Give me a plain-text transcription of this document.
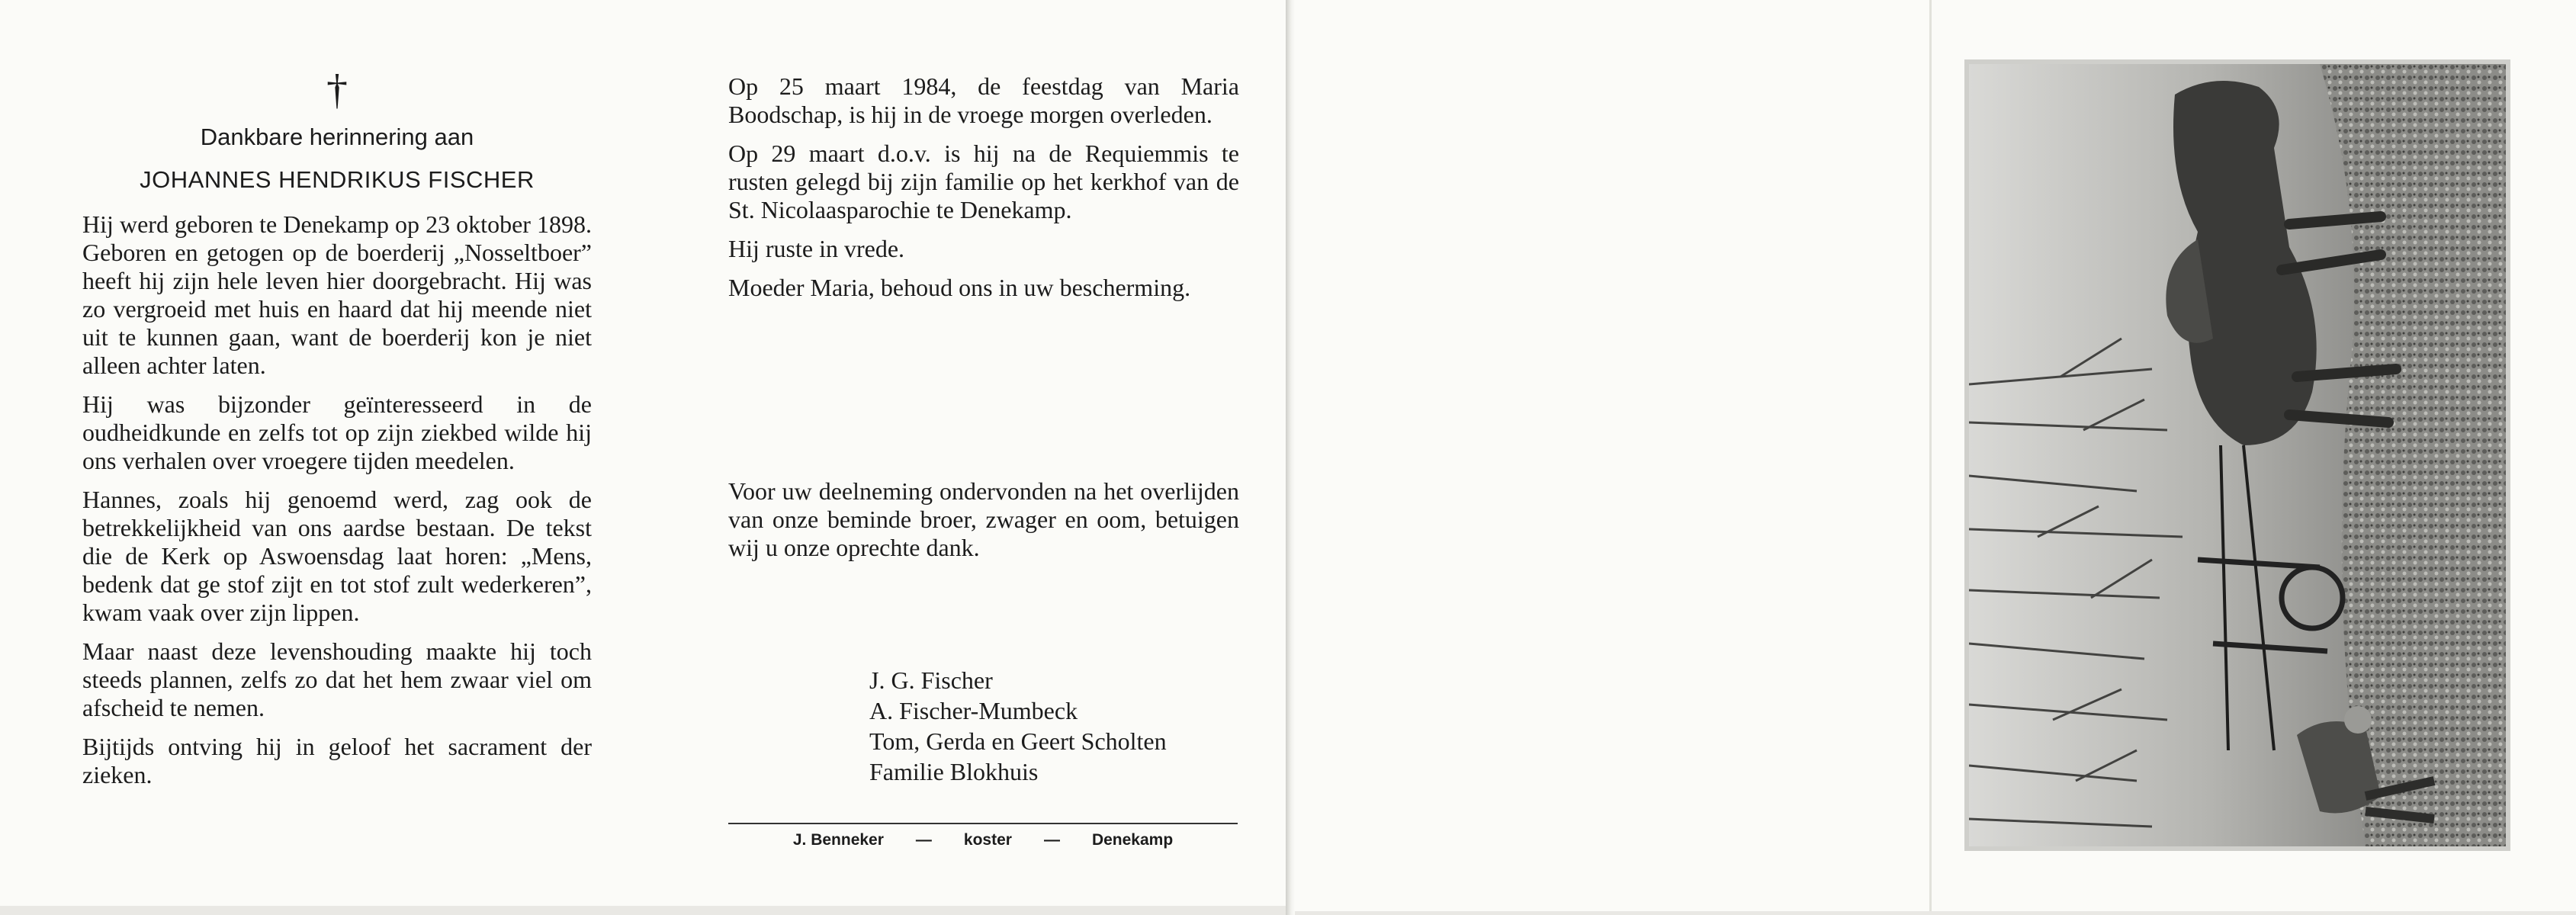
†

Dankbare herinnering aan

JOHANNES HENDRIKUS FISCHER

Hij werd geboren te Denekamp op 23 oktober 1898. Geboren en getogen op de boerderij „Nosseltboer” heeft hij zijn hele leven hier doorgebracht. Hij was zo vergroeid met huis en haard dat hij meende niet uit te kunnen gaan, want de boerderij kon je niet alleen achter laten.

Hij was bijzonder geïnteresseerd in de oudheidkunde en zelfs tot op zijn ziekbed wilde hij ons verhalen over vroegere tijden meedelen.

Hannes, zoals hij genoemd werd, zag ook de betrekkelijkheid van ons aardse bestaan. De tekst die de Kerk op Aswoensdag laat horen: „Mens, bedenk dat ge stof zijt en tot stof zult wederkeren”, kwam vaak over zijn lippen.

Maar naast deze levenshouding maakte hij toch steeds plannen, zelfs zo dat het hem zwaar viel om afscheid te nemen.

Bijtijds ontving hij in geloof het sacrament der zieken.

Op 25 maart 1984, de feestdag van Maria Boodschap, is hij in de vroege morgen overleden.

Op 29 maart d.o.v. is hij na de Requiemmis te rusten gelegd bij zijn familie op het kerkhof van de St. Nicolaasparochie te Denekamp.

Hij ruste in vrede.

Moeder Maria, behoud ons in uw bescherming.

Voor uw deelneming ondervonden na het overlijden van onze beminde broer, zwager en oom, betuigen wij u onze oprechte dank.

J. G. Fischer

A. Fischer-Mumbeck

Tom, Gerda en Geert Scholten

Familie Blokhuis

J. Benneker — koster — Denekamp
